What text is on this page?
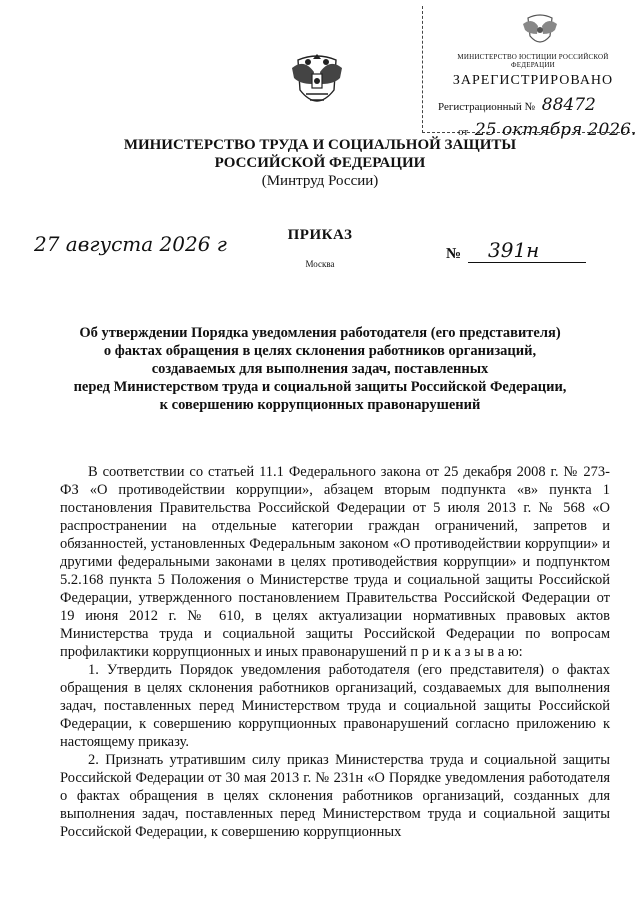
МИНИСТЕРСТВО ЮСТИЦИИ РОССИЙСКОЙ ФЕДЕРАЦИИ
ЗАРЕГИСТРИРОВАНО
Регистрационный № 88472
от 25 октября 2026.
МИНИСТЕРСТВО ТРУДА И СОЦИАЛЬНОЙ ЗАЩИТЫ
РОССИЙСКОЙ ФЕДЕРАЦИИ
(Минтруд России)
ПРИКАЗ
Москва
27 августа 2026 г	№ 391н
Об утверждении Порядка уведомления работодателя (его представителя)
о фактах обращения в целях склонения работников организаций,
создаваемых для выполнения задач, поставленных
перед Министерством труда и социальной защиты Российской Федерации,
к совершению коррупционных правонарушений

В соответствии со статьей 11.1 Федерального закона от 25 декабря 2008 г. № 273-ФЗ «О противодействии коррупции», абзацем вторым подпункта «в» пункта 1 постановления Правительства Российской Федерации от 5 июля 2013 г. № 568 «О распространении на отдельные категории граждан ограничений, запретов и обязанностей, установленных Федеральным законом «О противодействии коррупции» и другими федеральными законами в целях противодействия коррупции» и подпунктом 5.2.168 пункта 5 Положения о Министерстве труда и социальной защиты Российской Федерации, утвержденного постановлением Правительства Российской Федерации от 19 июня 2012 г. № 610, в целях актуализации нормативных правовых актов Министерства труда и социальной защиты Российской Федерации по вопросам профилактики коррупционных и иных правонарушений п р и к а з ы в а ю:

1. Утвердить Порядок уведомления работодателя (его представителя) о фактах обращения в целях склонения работников организаций, создаваемых для выполнения задач, поставленных перед Министерством труда и социальной защиты Российской Федерации, к совершению коррупционных правонарушений согласно приложению к настоящему приказу.

2. Признать утратившим силу приказ Министерства труда и социальной защиты Российской Федерации от 30 мая 2013 г. № 231н «О Порядке уведомления работодателя о фактах обращения в целях склонения работников организаций, созданных для выполнения задач, поставленных перед Министерством труда и социальной защиты Российской Федерации, к совершению коррупционных
